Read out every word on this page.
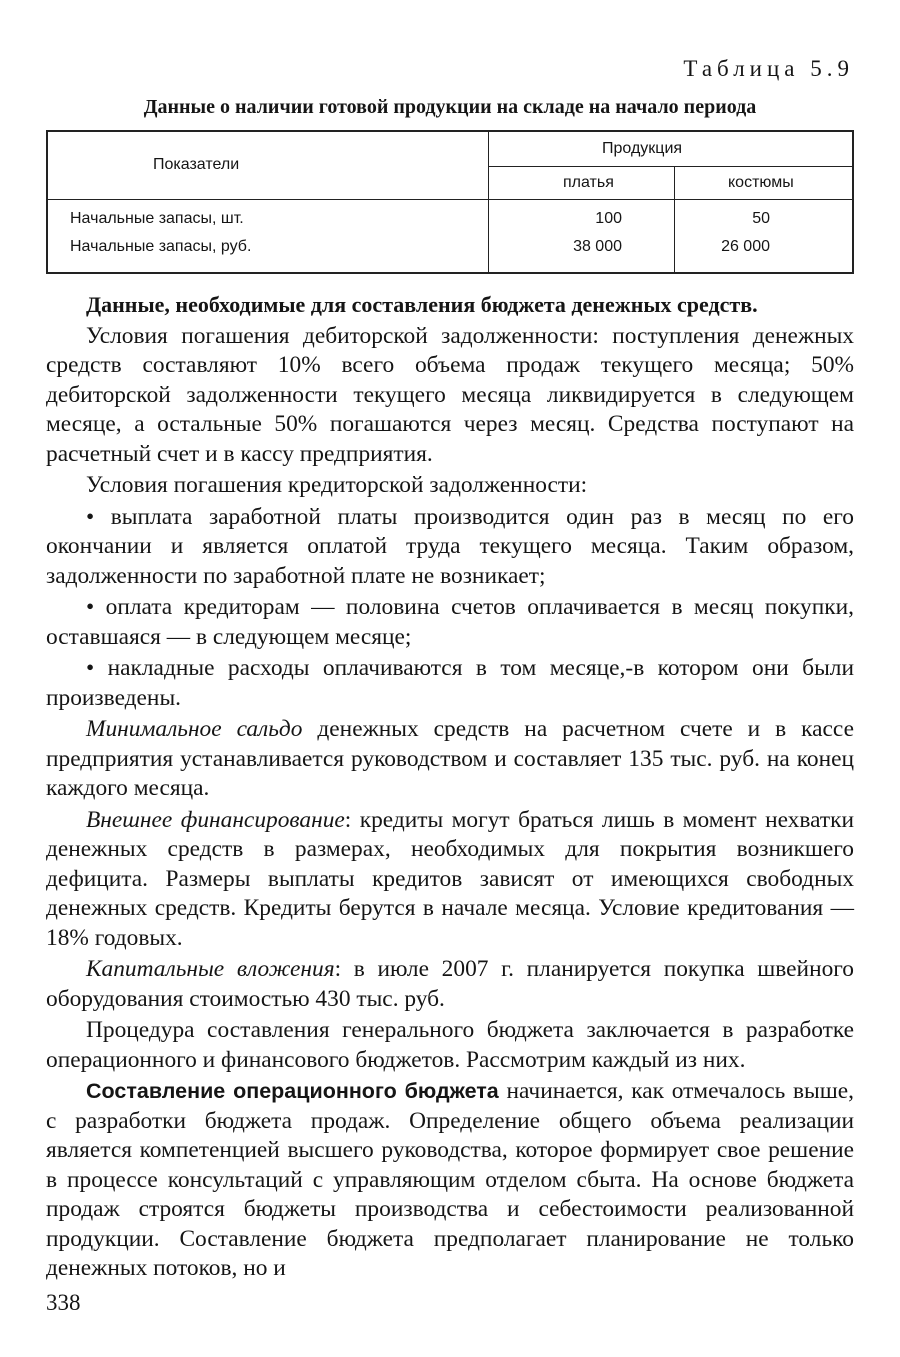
Таблица 5.9
Данные о наличии готовой продукции на складе на начало периода
Показатели
Продукция
платья	костюмы
Начальные запасы, шт.	100	50
Начальные запасы, руб.	38 000	26 000

Данные, необходимые для составления бюджета денежных средств.

Условия погашения дебиторской задолженности: поступления денежных средств составляют 10% всего объема продаж текущего месяца; 50% дебиторской задолженности текущего месяца ликвидируется в следующем месяце, а остальные 50% погашаются через месяц. Средства поступают на расчетный счет и в кассу предприятия.

Условия погашения кредиторской задолженности:

• выплата заработной платы производится один раз в месяц по его окончании и является оплатой труда текущего месяца. Таким образом, задолженности по заработной плате не возникает;

• оплата кредиторам — половина счетов оплачивается в месяц покупки, оставшаяся — в следующем месяце;

• накладные расходы оплачиваются в том месяце,-в котором они были произведены.

Минимальное сальдо денежных средств на расчетном счете и в кассе предприятия устанавливается руководством и составляет 135 тыс. руб. на конец каждого месяца.

Внешнее финансирование: кредиты могут браться лишь в момент нехватки денежных средств в размерах, необходимых для покрытия возникшего дефицита. Размеры выплаты кредитов зависят от имеющихся свободных денежных средств. Кредиты берутся в начале месяца. Условие кредитования — 18% годовых.

Капитальные вложения: в июле 2007 г. планируется покупка швейного оборудования стоимостью 430 тыс. руб.

Процедура составления генерального бюджета заключается в разработке операционного и финансового бюджетов. Рассмотрим каждый из них.

Составление операционного бюджета начинается, как отмечалось выше, с разработки бюджета продаж. Определение общего объема реализации является компетенцией высшего руководства, которое формирует свое решение в процессе консультаций с управляющим отделом сбыта. На основе бюджета продаж строятся бюджеты производства и себестоимости реализованной продукции. Составление бюджета предполагает планирование не только денежных потоков, но и

338
